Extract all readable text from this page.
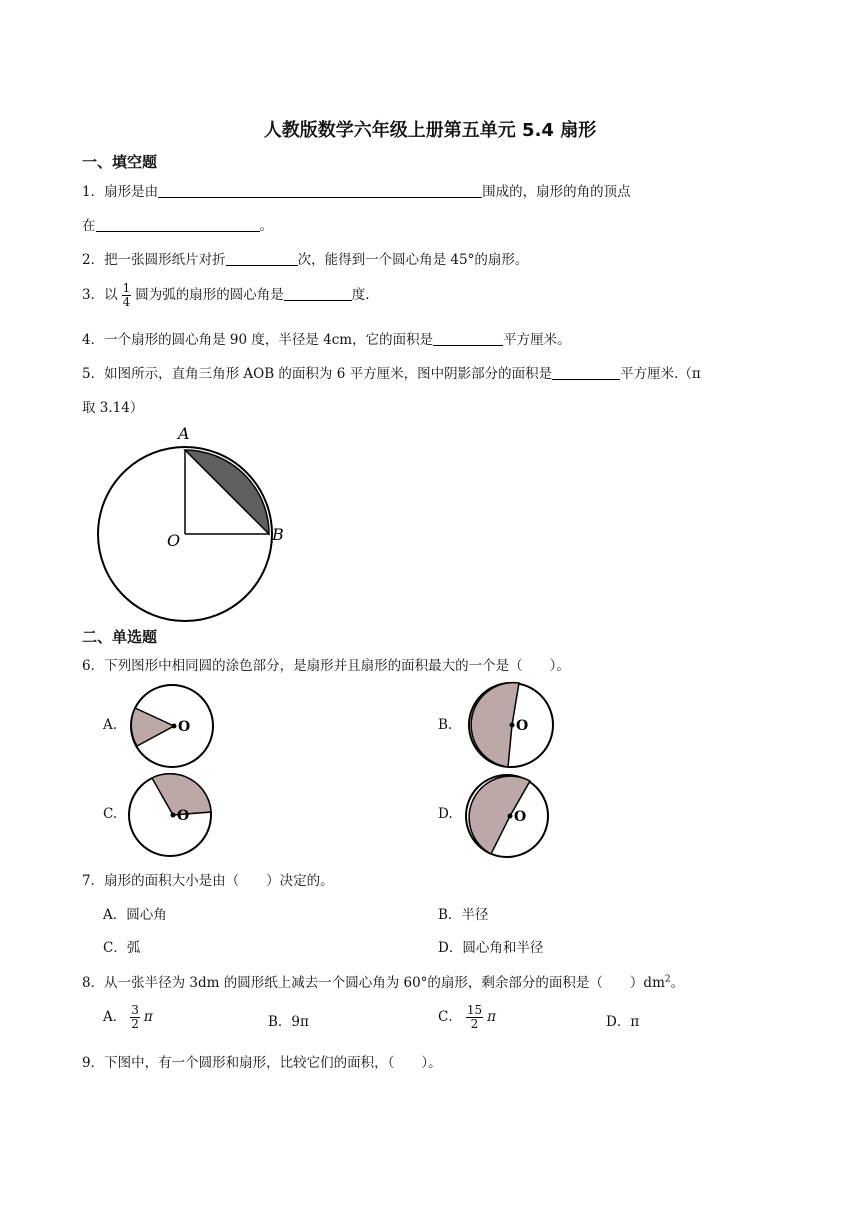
人教版数学六年级上册第五单元 5.4 扇形
一、填空题
1．扇形是由	围成的，扇形的角的顶点
在	。
2．把一张圆形纸片对折	次，能得到一个圆心角是 45°的扇形。
3．以 $\frac{1}{4}$ 圆为弧的扇形的圆心角是	度.
4．一个扇形的圆心角是 90 度，半径是 4cm，它的面积是	平方厘米。
5．如图所示，直角三角形 AOB 的面积为 6 平方厘米，图中阴影部分的面积是	平方厘米.（π
取 3.14）
A
O	B
二、单选题
6．下列图形中相同圆的涂色部分，是扇形并且扇形的面积最大的一个是（　　）。
A.	O	B.	O
C.	O	D.	O
7．扇形的面积大小是由（　　）决定的。
A．圆心角	B．半径
C．弧	D．圆心角和半径
8．从一张半径为 3dm 的圆形纸上减去一个圆心角为 60°的扇形，剩余部分的面积是（　　）$dm^2$。
A． $\frac{3}{2}$ π	B．9π	C． $\frac{15}{2}$ π	D．π
9．下图中，有一个圆形和扇形，比较它们的面积，（　　）。
